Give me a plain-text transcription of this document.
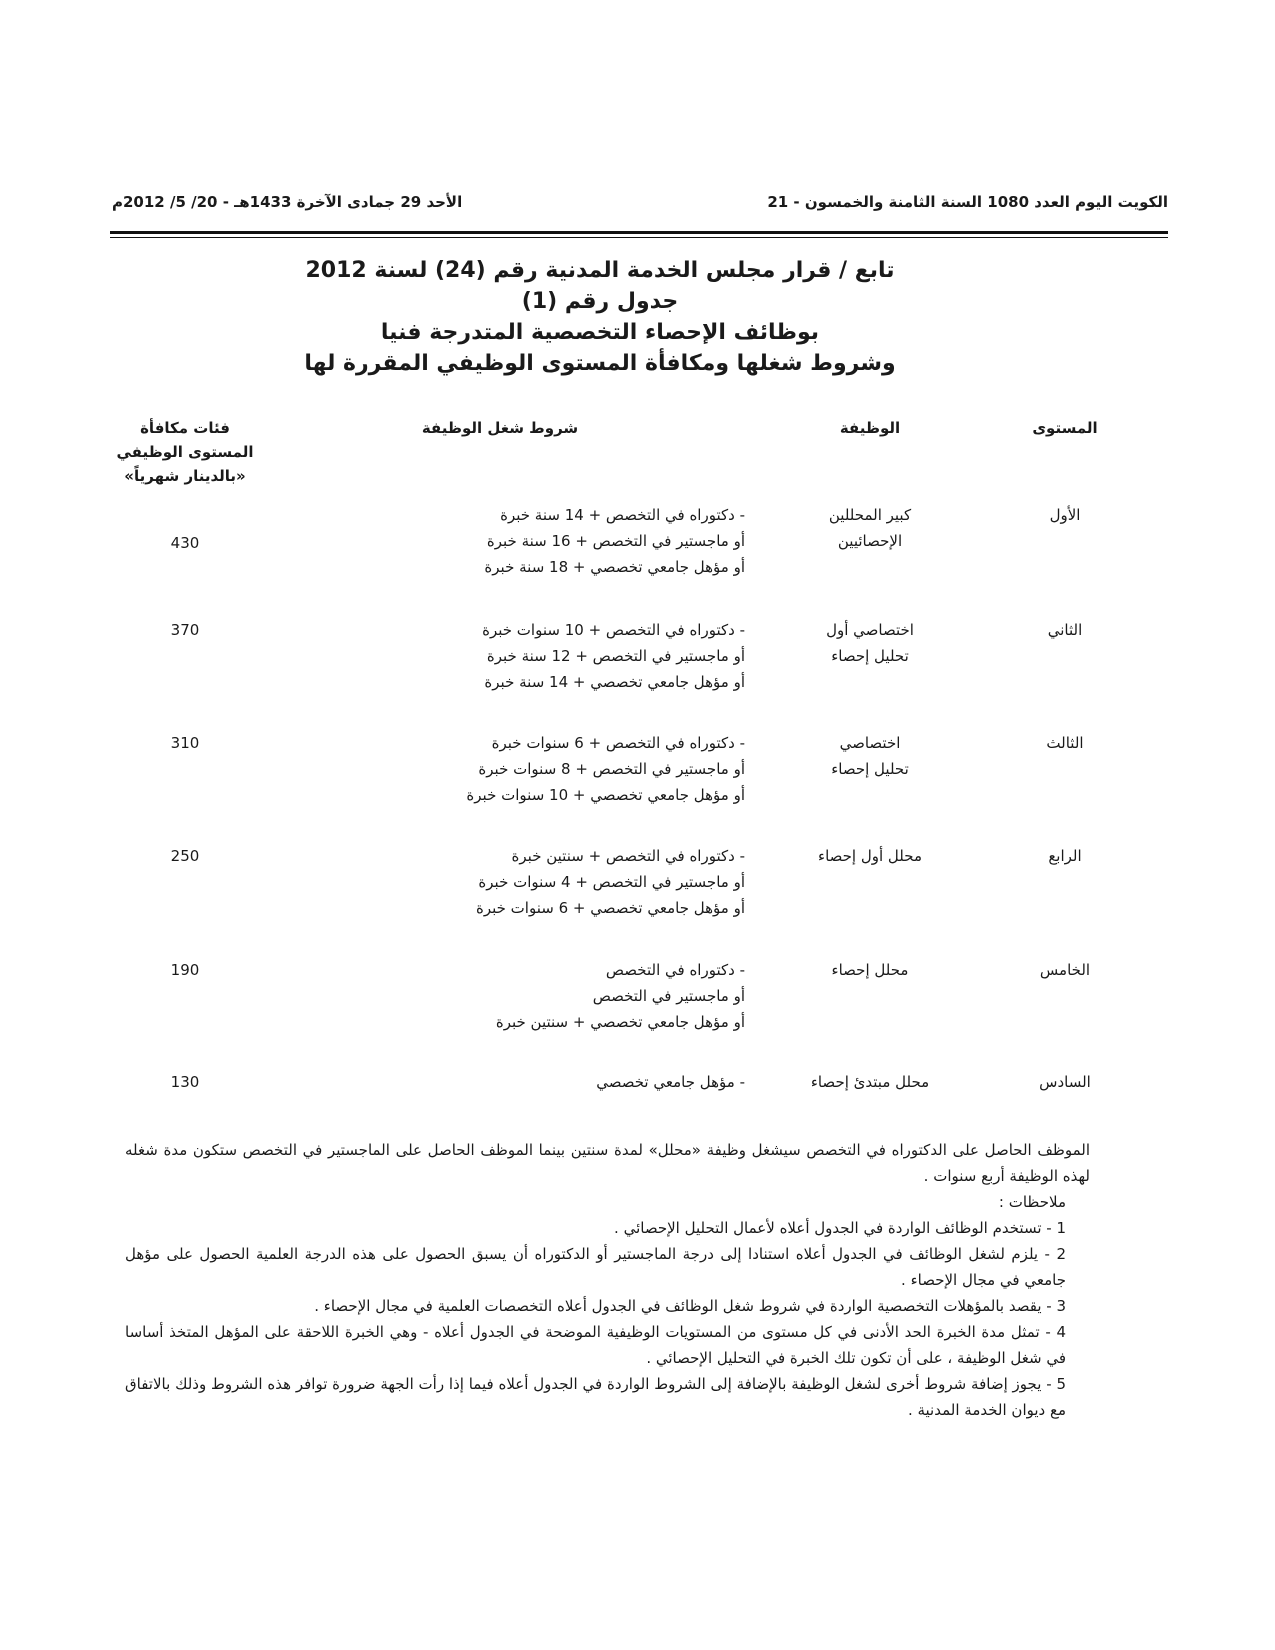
الكويت اليوم العدد 1080 السنة الثامنة والخمسون - 21
الأحد 29 جمادى الآخرة 1433هـ - 20/ 5/ 2012م
تابع / قرار مجلس الخدمة المدنية رقم (24) لسنة 2012
جدول رقم (1)
بوظائف الإحصاء التخصصية المتدرجة فنيا
وشروط شغلها ومكافأة المستوى الوظيفي المقررة لها
المستوى
الوظيفة
شروط شغل الوظيفة
فئات مكافأة
المستوى الوظيفي
«بالدينار شهرياً»
الأول
كبير المحللين
الإحصائيين
- دكتوراه في التخصص + 14 سنة خبرة
أو ماجستير في التخصص + 16 سنة خبرة
أو مؤهل جامعي تخصصي + 18 سنة خبرة
430
الثاني
اختصاصي أول
تحليل إحصاء
- دكتوراه في التخصص + 10 سنوات خبرة
أو ماجستير في التخصص + 12 سنة خبرة
أو مؤهل جامعي تخصصي + 14 سنة خبرة
370
الثالث
اختصاصي
تحليل إحصاء
- دكتوراه في التخصص + 6 سنوات خبرة
أو ماجستير في التخصص + 8 سنوات خبرة
أو مؤهل جامعي تخصصي + 10 سنوات خبرة
310
الرابع
محلل أول إحصاء
- دكتوراه في التخصص + سنتين خبرة
أو ماجستير في التخصص + 4 سنوات خبرة
أو مؤهل جامعي تخصصي + 6 سنوات خبرة
250
الخامس
محلل إحصاء
- دكتوراه في التخصص
أو ماجستير في التخصص
أو مؤهل جامعي تخصصي + سنتين خبرة
190
السادس
محلل مبتدئ إحصاء
- مؤهل جامعي تخصصي
130

الموظف الحاصل على الدكتوراه في التخصص سيشغل وظيفة «محلل» لمدة سنتين بينما الموظف الحاصل على الماجستير في التخصص ستكون مدة شغله لهذه الوظيفة أربع سنوات .

ملاحظات :

1 - تستخدم الوظائف الواردة في الجدول أعلاه لأعمال التحليل الإحصائي .

2 - يلزم لشغل الوظائف في الجدول أعلاه استنادا إلى درجة الماجستير أو الدكتوراه أن يسبق الحصول على هذه الدرجة العلمية الحصول على مؤهل جامعي في مجال الإحصاء .

3 - يقصد بالمؤهلات التخصصية الواردة في شروط شغل الوظائف في الجدول أعلاه التخصصات العلمية في مجال الإحصاء .

4 - تمثل مدة الخبرة الحد الأدنى في كل مستوى من المستويات الوظيفية الموضحة في الجدول أعلاه - وهي الخبرة اللاحقة على المؤهل المتخذ أساسا في شغل الوظيفة ، على أن تكون تلك الخبرة في التحليل الإحصائي .

5 - يجوز إضافة شروط أخرى لشغل الوظيفة بالإضافة إلى الشروط الواردة في الجدول أعلاه فيما إذا رأت الجهة ضرورة توافر هذه الشروط وذلك بالاتفاق مع ديوان الخدمة المدنية .
